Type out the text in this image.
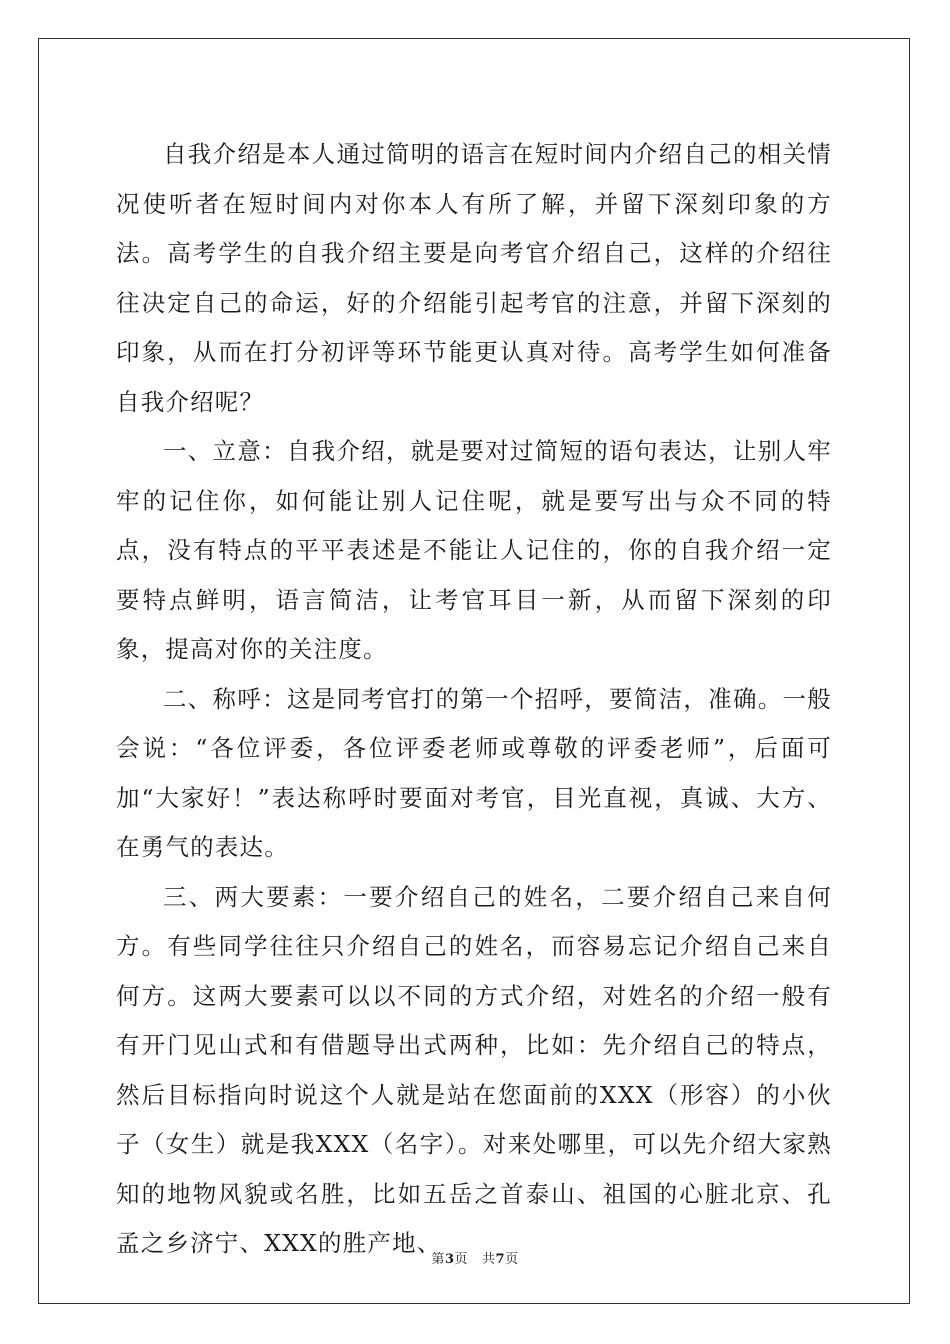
自我介绍是本人通过简明的语言在短时间内介绍自己的相关情况使听者在短时间内对你本人有所了解，并留下深刻印象的方法。高考学生的自我介绍主要是向考官介绍自己，这样的介绍往往决定自己的命运，好的介绍能引起考官的注意，并留下深刻的印象，从而在打分初评等环节能更认真对待。高考学生如何准备自我介绍呢？

一、立意：自我介绍，就是要对过简短的语句表达，让别人牢牢的记住你，如何能让别人记住呢，就是要写出与众不同的特点，没有特点的平平表述是不能让人记住的，你的自我介绍一定要特点鲜明，语言简洁，让考官耳目一新，从而留下深刻的印象，提高对你的关注度。

二、称呼：这是同考官打的第一个招呼，要简洁，准确。一般会说：“各位评委，各位评委老师或尊敬的评委老师”，后面可加“大家好！”表达称呼时要面对考官，目光直视，真诚、大方、在勇气的表达。

三、两大要素：一要介绍自己的姓名，二要介绍自己来自何方。有些同学往往只介绍自己的姓名，而容易忘记介绍自己来自何方。这两大要素可以以不同的方式介绍，对姓名的介绍一般有有开门见山式和有借题导出式两种，比如：先介绍自己的特点，然后目标指向时说这个人就是站在您面前的XXX（形容）的小伙子（女生）就是我XXX（名字）。对来处哪里，可以先介绍大家熟知的地物风貌或名胜，比如五岳之首泰山、祖国的心脏北京、孔孟之乡济宁、XXX的胜产地、

第3页 共7页
